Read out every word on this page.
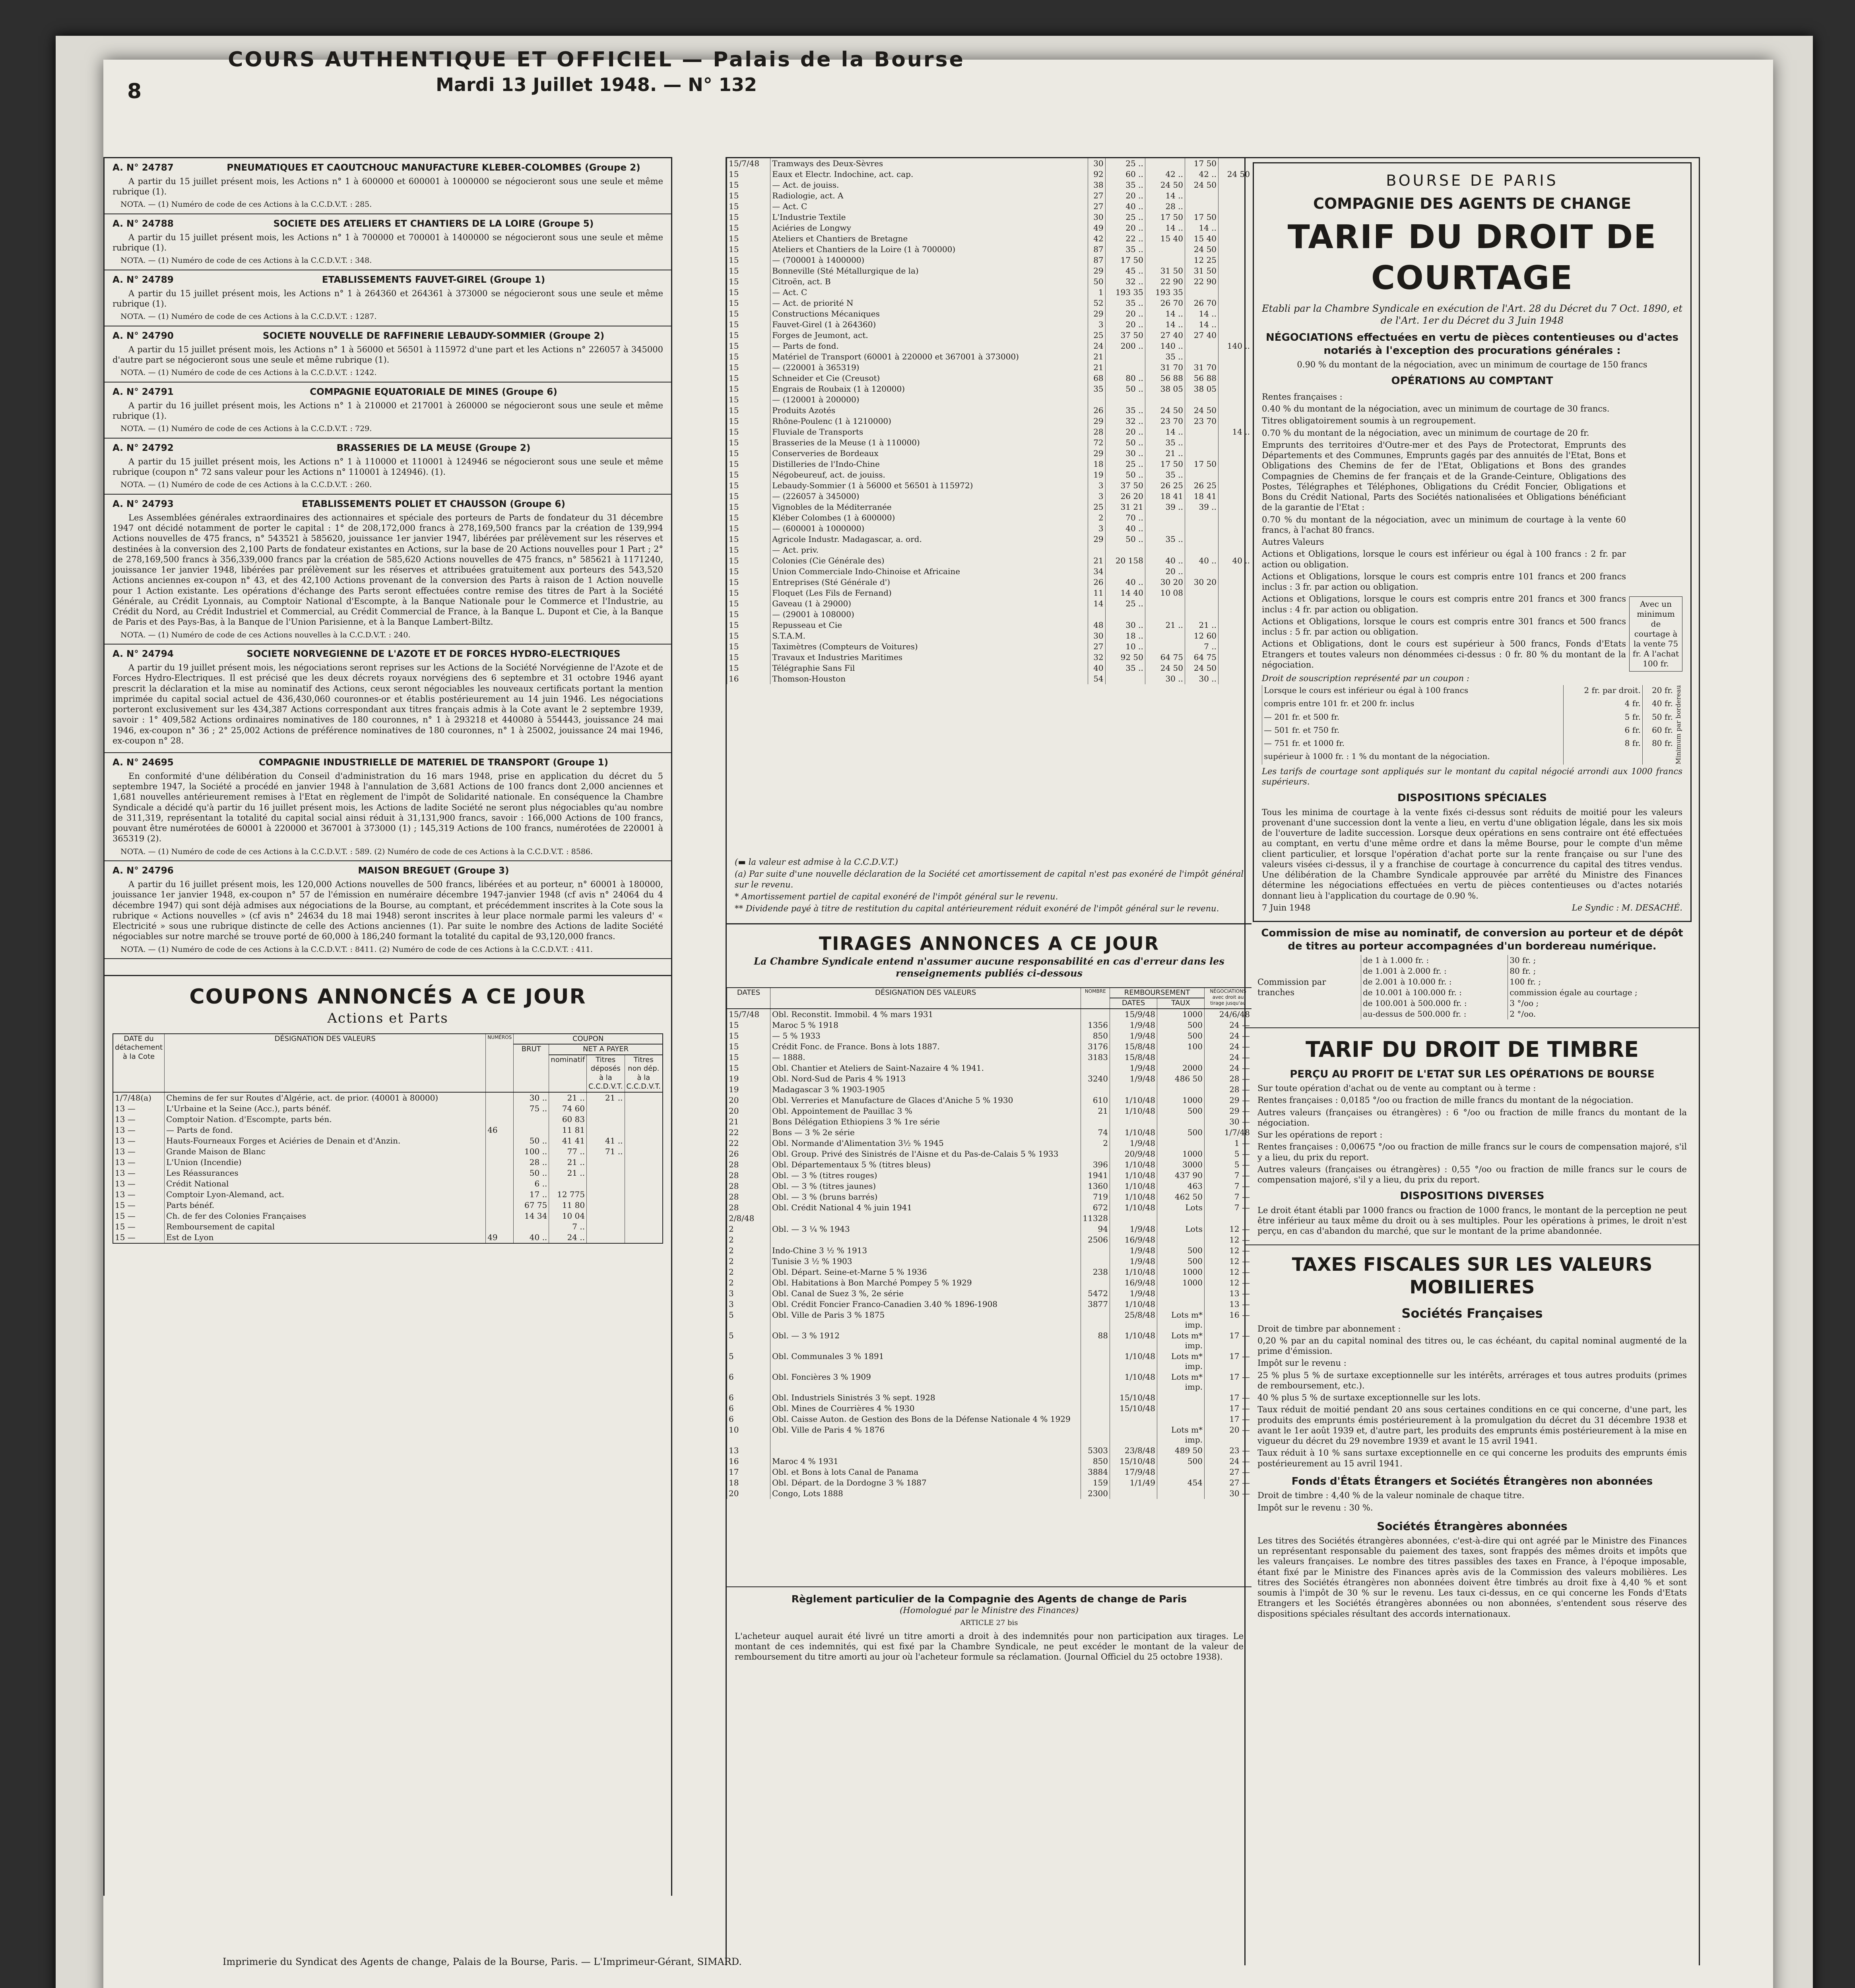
8
COURS AUTHENTIQUE ET OFFICIEL — Palais de la Bourse
Mardi 13 Juillet 1948. — N° 132
A. N° 24787	PNEUMATIQUES ET CAOUTCHOUC MANUFACTURE KLEBER-COLOMBES (Groupe 2)

A partir du 15 juillet présent mois, les Actions n° 1 à 600000 et 600001 à 1000000 se négocieront sous une seule et même rubrique (1).

NOTA. — (1) Numéro de code de ces Actions à la C.C.D.V.T. : 285.
A. N° 24788	SOCIETE DES ATELIERS ET CHANTIERS DE LA LOIRE (Groupe 5)

A partir du 15 juillet présent mois, les Actions n° 1 à 700000 et 700001 à 1400000 se négocieront sous une seule et même rubrique (1).

NOTA. — (1) Numéro de code de ces Actions à la C.C.D.V.T. : 348.
A. N° 24789	ETABLISSEMENTS FAUVET-GIREL (Groupe 1)

A partir du 15 juillet présent mois, les Actions n° 1 à 264360 et 264361 à 373000 se négocieront sous une seule et même rubrique (1).

NOTA. — (1) Numéro de code de ces Actions à la C.C.D.V.T. : 1287.
A. N° 24790	SOCIETE NOUVELLE DE RAFFINERIE LEBAUDY-SOMMIER (Groupe 2)

A partir du 15 juillet présent mois, les Actions n° 1 à 56000 et 56501 à 115972 d'une part et les Actions n° 226057 à 345000 d'autre part se négocieront sous une seule et même rubrique (1).

NOTA. — (1) Numéro de code de ces Actions à la C.C.D.V.T. : 1242.
A. N° 24791	COMPAGNIE EQUATORIALE DE MINES (Groupe 6)

A partir du 16 juillet présent mois, les Actions n° 1 à 210000 et 217001 à 260000 se négocieront sous une seule et même rubrique (1).

NOTA. — (1) Numéro de code de ces Actions à la C.C.D.V.T. : 729.
A. N° 24792	BRASSERIES DE LA MEUSE (Groupe 2)

A partir du 15 juillet présent mois, les Actions n° 1 à 110000 et 110001 à 124946 se négocieront sous une seule et même rubrique (coupon n° 72 sans valeur pour les Actions n° 110001 à 124946). (1).

NOTA. — (1) Numéro de code de ces Actions à la C.C.D.V.T. : 260.
A. N° 24793	ETABLISSEMENTS POLIET ET CHAUSSON (Groupe 6)

Les Assemblées générales extraordinaires des actionnaires et spéciale des porteurs de Parts de fondateur du 31 décembre 1947 ont décidé notamment de porter le capital : 1° de 208,172,000 francs à 278,169,500 francs par la création de 139,994 Actions nouvelles de 475 francs, n° 543521 à 585620, jouissance 1er janvier 1947, libérées par prélèvement sur les réserves et destinées à la conversion des 2,100 Parts de fondateur existantes en Actions, sur la base de 20 Actions nouvelles pour 1 Part ; 2° de 278,169,500 francs à 356,339,000 francs par la création de 585,620 Actions nouvelles de 475 francs, n° 585621 à 1171240, jouissance 1er janvier 1948, libérées par prélèvement sur les réserves et attribuées gratuitement aux porteurs des 543,520 Actions anciennes ex-coupon n° 43, et des 42,100 Actions provenant de la conversion des Parts à raison de 1 Action nouvelle pour 1 Action existante. Les opérations d'échange des Parts seront effectuées contre remise des titres de Part à la Société Générale, au Crédit Lyonnais, au Comptoir National d'Escompte, à la Banque Nationale pour le Commerce et l'Industrie, au Crédit du Nord, au Crédit Industriel et Commercial, au Crédit Commercial de France, à la Banque L. Dupont et Cie, à la Banque de Paris et des Pays-Bas, à la Banque de l'Union Parisienne, et à la Banque Lambert-Biltz.

NOTA. — (1) Numéro de code de ces Actions nouvelles à la C.C.D.V.T. : 240.
A. N° 24794	SOCIETE NORVEGIENNE DE L'AZOTE ET DE FORCES HYDRO-ELECTRIQUES

A partir du 19 juillet présent mois, les négociations seront reprises sur les Actions de la Société Norvégienne de l'Azote et de Forces Hydro-Electriques. Il est précisé que les deux décrets royaux norvégiens des 6 septembre et 31 octobre 1946 ayant prescrit la déclaration et la mise au nominatif des Actions, ceux seront négociables les nouveaux certificats portant la mention imprimée du capital social actuel de 436,430,060 couronnes-or et établis postérieurement au 14 juin 1946. Les négociations porteront exclusivement sur les 434,387 Actions correspondant aux titres français admis à la Cote avant le 2 septembre 1939, savoir : 1° 409,582 Actions ordinaires nominatives de 180 couronnes, n° 1 à 293218 et 440080 à 554443, jouissance 24 mai 1946, ex-coupon n° 36 ; 2° 25,002 Actions de préférence nominatives de 180 couronnes, n° 1 à 25002, jouissance 24 mai 1946, ex-coupon n° 28.

A. N° 24695	COMPAGNIE INDUSTRIELLE DE MATERIEL DE TRANSPORT (Groupe 1)

En conformité d'une délibération du Conseil d'administration du 16 mars 1948, prise en application du décret du 5 septembre 1947, la Société a procédé en janvier 1948 à l'annulation de 3,681 Actions de 100 francs dont 2,000 anciennes et 1,681 nouvelles antérieurement remises à l'Etat en règlement de l'impôt de Solidarité nationale. En conséquence la Chambre Syndicale a décidé qu'à partir du 16 juillet présent mois, les Actions de ladite Société ne seront plus négociables qu'au nombre de 311,319, représentant la totalité du capital social ainsi réduit à 31,131,900 francs, savoir : 166,000 Actions de 100 francs, pouvant être numérotées de 60001 à 220000 et 367001 à 373000 (1) ; 145,319 Actions de 100 francs, numérotées de 220001 à 365319 (2).

NOTA. — (1) Numéro de code de ces Actions à la C.C.D.V.T. : 589. (2) Numéro de code de ces Actions à la C.C.D.V.T. : 8586.
A. N° 24796	MAISON BREGUET (Groupe 3)

A partir du 16 juillet présent mois, les 120,000 Actions nouvelles de 500 francs, libérées et au porteur, n° 60001 à 180000, jouissance 1er janvier 1948, ex-coupon n° 57 de l'émission en numéraire décembre 1947-janvier 1948 (cf avis n° 24064 du 4 décembre 1947) qui sont déjà admises aux négociations de la Bourse, au comptant, et précédemment inscrites à la Cote sous la rubrique « Actions nouvelles » (cf avis n° 24634 du 18 mai 1948) seront inscrites à leur place normale parmi les valeurs d' « Electricité » sous une rubrique distincte de celle des Actions anciennes (1). Par suite le nombre des Actions de ladite Société négociables sur notre marché se trouve porté de 60,000 à 186,240 formant la totalité du capital de 93,120,000 francs.

NOTA. — (1) Numéro de code de ces Actions à la C.C.D.V.T. : 8411. (2) Numéro de code de ces Actions à la C.C.D.V.T. : 411.
COUPONS ANNONCÉS A CE JOUR
Actions et Parts
DATE du détachement à la Cote	DÉSIGNATION DES VALEURS	NUMÉROS	COUPON			
			BRUT	NET A PAYER		
				nominatif	Titres déposés à la C.C.D.V.T.	Titres non dép. à la C.C.D.V.T.
1/7/48(a)	Chemins de fer sur Routes d'Algérie, act. de prior. (40001 à 80000)		30 ..	21 ..	21 ..	
13 —	L'Urbaine et la Seine (Acc.), parts bénéf.		75 ..	74 60		
13 —	Comptoir Nation. d'Escompte, parts bén.			60 83		
13 —	— Parts de fond.	46		11 81		
13 —	Hauts-Fourneaux Forges et Aciéries de Denain et d'Anzin.		50 ..	41 41	41 ..	
13 —	Grande Maison de Blanc		100 ..	77 ..	71 ..	
13 —	L'Union (Incendie)		28 ..	21 ..		
13 —	Les Réassurances		50 ..	21 ..		
13 —	Crédit National		6 ..			
13 —	Comptoir Lyon-Alemand, act.		17 ..	12 775		
15 —	Parts bénéf.		67 75	11 80		
15 —	Ch. de fer des Colonies Françaises		14 34	10 04		
15 —	Remboursement de capital			7 ..		
15 —	Est de Lyon	49	40 ..	24 ..		
15/7/48	Tramways des Deux-Sèvres	30	25 ..		17 50	
15	Eaux et Electr. Indochine, act. cap.	92	60 ..	42 ..	42 ..	24 50
15	— Act. de jouiss.	38	35 ..	24 50	24 50	
15	Radiologie, act. A	27	20 ..	14 ..		
15	— Act. C	27	40 ..	28 ..		
15	L'Industrie Textile	30	25 ..	17 50	17 50	
15	Aciéries de Longwy	49	20 ..	14 ..	14 ..	
15	Ateliers et Chantiers de Bretagne	42	22 ..	15 40	15 40	
15	Ateliers et Chantiers de la Loire (1 à 700000)	87	35 ..		24 50	
15	— (700001 à 1400000)	87	17 50		12 25	
15	Bonneville (Sté Métallurgique de la)	29	45 ..	31 50	31 50	
15	Citroën, act. B	50	32 ..	22 90	22 90	
15	— Act. C	1	193 35	193 35		
15	— Act. de priorité N	52	35 ..	26 70	26 70	
15	Constructions Mécaniques	29	20 ..	14 ..	14 ..	
15	Fauvet-Girel (1 à 264360)	3	20 ..	14 ..	14 ..	
15	Forges de Jeumont, act.	25	37 50	27 40	27 40	
15	— Parts de fond.	24	200 ..	140 ..		140 ..
15	Matériel de Transport (60001 à 220000 et 367001 à 373000)	21		35 ..		
15	— (220001 à 365319)	21		31 70	31 70	
15	Schneider et Cie (Creusot)	68	80 ..	56 88	56 88	
15	Engrais de Roubaix (1 à 120000)	35	50 ..	38 05	38 05	
15	— (120001 à 200000)					
15	Produits Azotés	26	35 ..	24 50	24 50	
15	Rhône-Poulenc (1 à 1210000)	29	32 ..	23 70	23 70	
15	Fluviale de Transports	28	20 ..	14 ..		14 ..
15	Brasseries de la Meuse (1 à 110000)	72	50 ..	35 ..		
15	Conserveries de Bordeaux	29	30 ..	21 ..		
15	Distilleries de l'Indo-Chine	18	25 ..	17 50	17 50	
15	Négobeureuf, act. de jouiss.	19	50 ..	35 ..		
15	Lebaudy-Sommier (1 à 56000 et 56501 à 115972)	3	37 50	26 25	26 25	
15	— (226057 à 345000)	3	26 20	18 41	18 41	
15	Vignobles de la Méditerranée	25	31 21	39 ..	39 ..	
15	Kléber Colombes (1 à 600000)	2	70 ..			
15	— (600001 à 1000000)	3	40 ..			
15	Agricole Industr. Madagascar, a. ord.	29	50 ..	35 ..		
15	— Act. priv.					
15	Colonies (Cie Générale des)	21	20 158	40 ..	40 ..	40 ..
15	Union Commerciale Indo-Chinoise et Africaine	34		20 ..		
15	Entreprises (Sté Générale d')	26	40 ..	30 20	30 20	
15	Floquet (Les Fils de Fernand)	11	14 40	10 08		
15	Gaveau (1 à 29000)	14	25 ..			
15	— (29001 à 108000)					
15	Repusseau et Cie	48	30 ..	21 ..	21 ..	
15	S.T.A.M.	30	18 ..		12 60	
15	Taximètres (Compteurs de Voitures)	27	10 ..		7 ..	
15	Travaux et Industries Maritimes	32	92 50	64 75	64 75	
15	Télégraphie Sans Fil	40	35 ..	24 50	24 50	
16	Thomson-Houston	54		30 ..	30 ..	
(▬ la valeur est admise à la C.C.D.V.T.)
(a) Par suite d'une nouvelle déclaration de la Société cet amortissement de capital n'est pas exonéré de l'impôt général sur le revenu.
* Amortissement partiel de capital exonéré de l'impôt général sur le revenu.
** Dividende payé à titre de restitution du capital antérieurement réduit exonéré de l'impôt général sur le revenu.
TIRAGES ANNONCES A CE JOUR
La Chambre Syndicale entend n'assumer aucune responsabilité en cas d'erreur dans les renseignements publiés ci-dessous
DATES	DÉSIGNATION DES VALEURS	NOMBRE	REMBOURSEMENT		NÉGOCIATIONS avec droit au tirage jusqu'au
			DATES	TAUX	
15/7/48	Obl. Reconstit. Immobil. 4 % mars 1931		15/9/48	1000	24/6/48
15	Maroc 5 % 1918	1356	1/9/48	500	24 —
15	— 5 % 1933	850	1/9/48	500	24 —
15	Crédit Fonc. de France. Bons à lots 1887.	3176	15/8/48	100	24 —
15	— 1888.	3183	15/8/48		24 —
15	Obl. Chantier et Ateliers de Saint-Nazaire 4 % 1941.		1/9/48	2000	24 —
19	Obl. Nord-Sud de Paris 4 % 1913	3240	1/9/48	486 50	28 —
19	Madagascar 3 % 1903-1905				28 —
20	Obl. Verreries et Manufacture de Glaces d'Aniche 5 % 1930	610	1/10/48	1000	29 —
20	Obl. Appointement de Pauillac 3 %	21	1/10/48	500	29 —
21	Bons Délégation Ethiopiens 3 % 1re série				30 —
22	Bons — 3 % 2e série	74	1/10/48	500	1/7/48
22	Obl. Normande d'Alimentation 3½ % 1945	2	1/9/48		1 —
26	Obl. Group. Privé des Sinistrés de l'Aisne et du Pas-de-Calais 5 % 1933		20/9/48	1000	5 —
28	Obl. Départementaux 5 % (titres bleus)	396	1/10/48	3000	5 —
28	Obl. — 3 % (titres rouges)	1941	1/10/48	437 90	7 —
28	Obl. — 3 % (titres jaunes)	1360	1/10/48	463	7 —
28	Obl. — 3 % (bruns barrés)	719	1/10/48	462 50	7 —
28	Obl. Crédit National 4 % juin 1941	672	1/10/48	Lots	7 —
2/8/48		11328			
2	Obl. — 3 ¼ % 1943	94	1/9/48	Lots	12 —
2		2506	16/9/48		12 —
2	Indo-Chine 3 ½ % 1913		1/9/48	500	12 —
2	Tunisie 3 ½ % 1903		1/9/48	500	12 —
2	Obl. Départ. Seine-et-Marne 5 % 1936	238	1/10/48	1000	12 —
2	Obl. Habitations à Bon Marché Pompey 5 % 1929		16/9/48	1000	12 —
3	Obl. Canal de Suez 3 %, 2e série	5472	1/9/48		13 —
3	Obl. Crédit Foncier Franco-Canadien 3.40 % 1896-1908	3877	1/10/48		13 —
5	Obl. Ville de Paris 3 % 1875		25/8/48	Lots m* imp.	16 —
5	Obl. — 3 % 1912	88	1/10/48	Lots m* imp.	17 —
5	Obl. Communales 3 % 1891		1/10/48	Lots m* imp.	17 —
6	Obl. Foncières 3 % 1909		1/10/48	Lots m* imp.	17 —
6	Obl. Industriels Sinistrés 3 % sept. 1928		15/10/48		17 —
6	Obl. Mines de Courrières 4 % 1930		15/10/48		17 —
6	Obl. Caisse Auton. de Gestion des Bons de la Défense Nationale 4 % 1929				17 —
10	Obl. Ville de Paris 4 % 1876			Lots m* imp.	20 —
13		5303	23/8/48	489 50	23 —
16	Maroc 4 % 1931	850	15/10/48	500	24 —
17	Obl. et Bons à lots Canal de Panama	3884	17/9/48		27 —
18	Obl. Départ. de la Dordogne 3 % 1887	159	1/1/49	454	27 —
20	Congo, Lots 1888	2300			30 —
Règlement particulier de la Compagnie des Agents de change de Paris
(Homologué par le Ministre des Finances)
ARTICLE 27 bis
L'acheteur auquel aurait été livré un titre amorti a droit à des indemnités pour non participation aux tirages. Le montant de ces indemnités, qui est fixé par la Chambre Syndicale, ne peut excéder le montant de la valeur de remboursement du titre amorti au jour où l'acheteur formule sa réclamation. (Journal Officiel du 25 octobre 1938).
BOURSE DE PARIS
COMPAGNIE DES AGENTS DE CHANGE
TARIF DU DROIT DE COURTAGE
Etabli par la Chambre Syndicale en exécution de l'Art. 28 du Décret du 7 Oct. 1890, et de l'Art. 1er du Décret du 3 Juin 1948
NÉGOCIATIONS effectuées en vertu de pièces contentieuses ou d'actes notariés à l'exception des procurations générales :
0.90 % du montant de la négociation, avec un minimum de courtage de 150 francs
OPÉRATIONS AU COMPTANT
Rentes françaises :
0.40 % du montant de la négociation, avec un minimum de courtage de 30 francs.
Titres obligatoirement soumis à un regroupement.
0.70 % du montant de la négociation, avec un minimum de courtage de 20 fr.
Emprunts des territoires d'Outre-mer et des Pays de Protectorat, Emprunts des Départements et des Communes, Emprunts gagés par des annuités de l'Etat, Bons et Obligations des Chemins de fer de l'Etat, Obligations et Bons des grandes Compagnies de Chemins de fer français et de la Grande-Ceinture, Obligations des Postes, Télégraphes et Téléphones, Obligations du Crédit Foncier, Obligations et Bons du Crédit National, Parts des Sociétés nationalisées et Obligations bénéficiant de la garantie de l'Etat :
0.70 % du montant de la négociation, avec un minimum de courtage à la vente 60 francs, à l'achat 80 francs.
Autres Valeurs
Actions et Obligations, lorsque le cours est inférieur ou égal à 100 francs : 2 fr. par action ou obligation.
Actions et Obligations, lorsque le cours est compris entre 101 francs et 200 francs inclus : 3 fr. par action ou obligation.
Actions et Obligations, lorsque le cours est compris entre 201 francs et 300 francs inclus : 4 fr. par action ou obligation.
Actions et Obligations, lorsque le cours est compris entre 301 francs et 500 francs inclus : 5 fr. par action ou obligation.
Actions et Obligations, dont le cours est supérieur à 500 francs, Fonds d'Etats Etrangers et toutes valeurs non dénommées ci-dessus : 0 fr. 80 % du montant de la négociation.
Avec un minimum de courtage à la vente 75 fr. A l'achat 100 fr.
Droit de souscription représenté par un coupon :
Lorsque le cours est inférieur ou égal à 100 francs	2 fr. par droit.	20 fr.
compris entre 101 fr. et 200 fr. inclus	4 fr.	40 fr.
— 201 fr. et 500 fr.	5 fr.	50 fr.
— 501 fr. et 750 fr.	6 fr.	60 fr.
— 751 fr. et 1000 fr.	8 fr.	80 fr.
supérieur à 1000 fr. : 1 % du montant de la négociation.			Minimum par bordereau
Les tarifs de courtage sont appliqués sur le montant du capital négocié arrondi aux 1000 francs supérieurs.
DISPOSITIONS SPÉCIALES
Tous les minima de courtage à la vente fixés ci-dessus sont réduits de moitié pour les valeurs provenant d'une succession dont la vente a lieu, en vertu d'une obligation légale, dans les six mois de l'ouverture de ladite succession. Lorsque deux opérations en sens contraire ont été effectuées au comptant, en vertu d'une même ordre et dans la même Bourse, pour le compte d'un même client particulier, et lorsque l'opération d'achat porte sur la rente française ou sur l'une des valeurs visées ci-dessus, il y a franchise de courtage à concurrence du capital des titres vendus. Une délibération de la Chambre Syndicale approuvée par arrêté du Ministre des Finances détermine les négociations effectuées en vertu de pièces contentieuses ou d'actes notariés donnant lieu à l'application du courtage de 0.90 %.
7 Juin 1948	Le Syndic : M. DESACHÉ.
Commission de mise au nominatif, de conversion au porteur et de dépôt de titres au porteur accompagnées d'un bordereau numérique.
Commission par tranches
de 1 à 1.000 fr. :	30 fr. ;
de 1.001 à 2.000 fr. :	80 fr. ;
de 2.001 à 10.000 fr. :	100 fr. ;
de 10.001 à 100.000 fr. :	commission égale au courtage ;
de 100.001 à 500.000 fr. :	3 °/oo ;
au-dessus de 500.000 fr. :	2 °/oo.
TARIF DU DROIT DE TIMBRE
PERÇU AU PROFIT DE L'ETAT SUR LES OPÉRATIONS DE BOURSE
Sur toute opération d'achat ou de vente au comptant ou à terme :
Rentes françaises : 0,0185 °/oo ou fraction de mille francs du montant de la négociation.
Autres valeurs (françaises ou étrangères) : 6 °/oo ou fraction de mille francs du montant de la négociation.
Sur les opérations de report :
Rentes françaises : 0,00675 °/oo ou fraction de mille francs sur le cours de compensation majoré, s'il y a lieu, du prix du report.
Autres valeurs (françaises ou étrangères) : 0,55 °/oo ou fraction de mille francs sur le cours de compensation majoré, s'il y a lieu, du prix du report.
DISPOSITIONS DIVERSES
Le droit étant établi par 1000 francs ou fraction de 1000 francs, le montant de la perception ne peut être inférieur au taux même du droit ou à ses multiples. Pour les opérations à primes, le droit n'est perçu, en cas d'abandon du marché, que sur le montant de la prime abandonnée.
TAXES FISCALES SUR LES VALEURS MOBILIERES
Sociétés Françaises
Droit de timbre par abonnement :
0,20 % par an du capital nominal des titres ou, le cas échéant, du capital nominal augmenté de la prime d'émission.
Impôt sur le revenu :
25 % plus 5 % de surtaxe exceptionnelle sur les intérêts, arrérages et tous autres produits (primes de remboursement, etc.).
40 % plus 5 % de surtaxe exceptionnelle sur les lots.
Taux réduit de moitié pendant 20 ans sous certaines conditions en ce qui concerne, d'une part, les produits des emprunts émis postérieurement à la promulgation du décret du 31 décembre 1938 et avant le 1er août 1939 et, d'autre part, les produits des emprunts émis postérieurement à la mise en vigueur du décret du 29 novembre 1939 et avant le 15 avril 1941.
Taux réduit à 10 % sans surtaxe exceptionnelle en ce qui concerne les produits des emprunts émis postérieurement au 15 avril 1941.
Fonds d'États Étrangers et Sociétés Étrangères non abonnées
Droit de timbre : 4,40 % de la valeur nominale de chaque titre.
Impôt sur le revenu : 30 %.
Sociétés Étrangères abonnées
Les titres des Sociétés étrangères abonnées, c'est-à-dire qui ont agréé par le Ministre des Finances un représentant responsable du paiement des taxes, sont frappés des mêmes droits et impôts que les valeurs françaises. Le nombre des titres passibles des taxes en France, à l'époque imposable, étant fixé par le Ministre des Finances après avis de la Commission des valeurs mobilières. Les titres des Sociétés étrangères non abonnées doivent être timbrés au droit fixe à 4,40 % et sont soumis à l'impôt de 30 % sur le revenu. Les taux ci-dessus, en ce qui concerne les Fonds d'Etats Etrangers et les Sociétés étrangères abonnées ou non abonnées, s'entendent sous réserve des dispositions spéciales résultant des accords internationaux.
Imprimerie du Syndicat des Agents de change, Palais de la Bourse, Paris. — L'Imprimeur-Gérant, SIMARD.
